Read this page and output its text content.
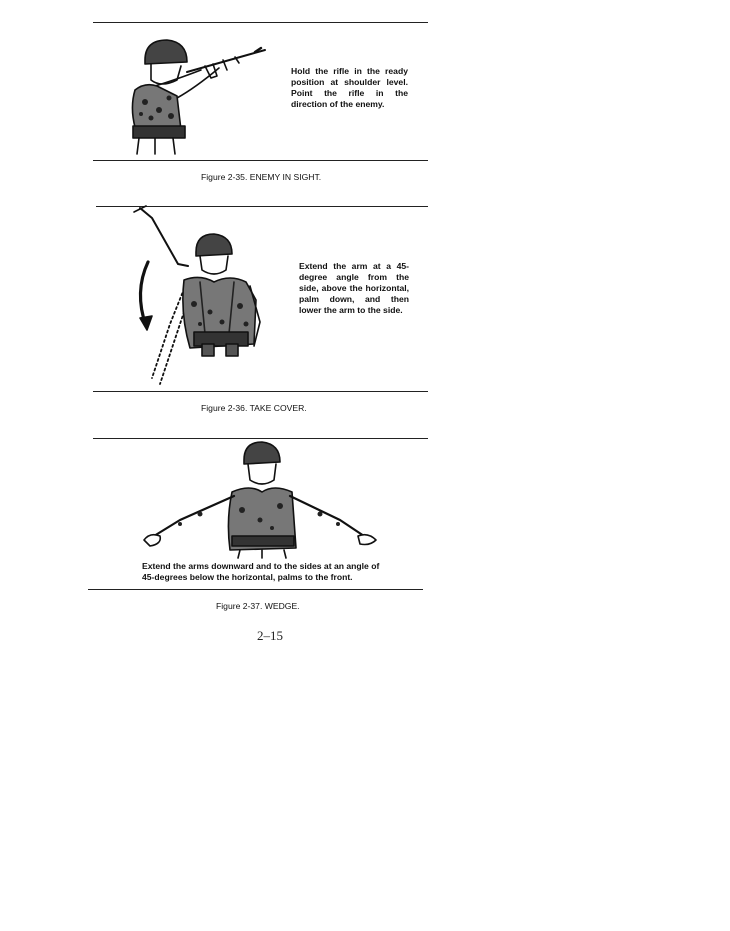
Hold the rifle in the ready position at shoulder level. Point the rifle in the direction of the enemy.
Figure 2-35. ENEMY IN SIGHT.
Extend the arm at a 45-degree angle from the side, above the horizontal, palm down, and then lower the arm to the side.
Figure 2-36. TAKE COVER.
Extend the arms downward and to the sides at an angle of 45-degrees below the horizontal, palms to the front.
Figure 2-37. WEDGE.
2–15
